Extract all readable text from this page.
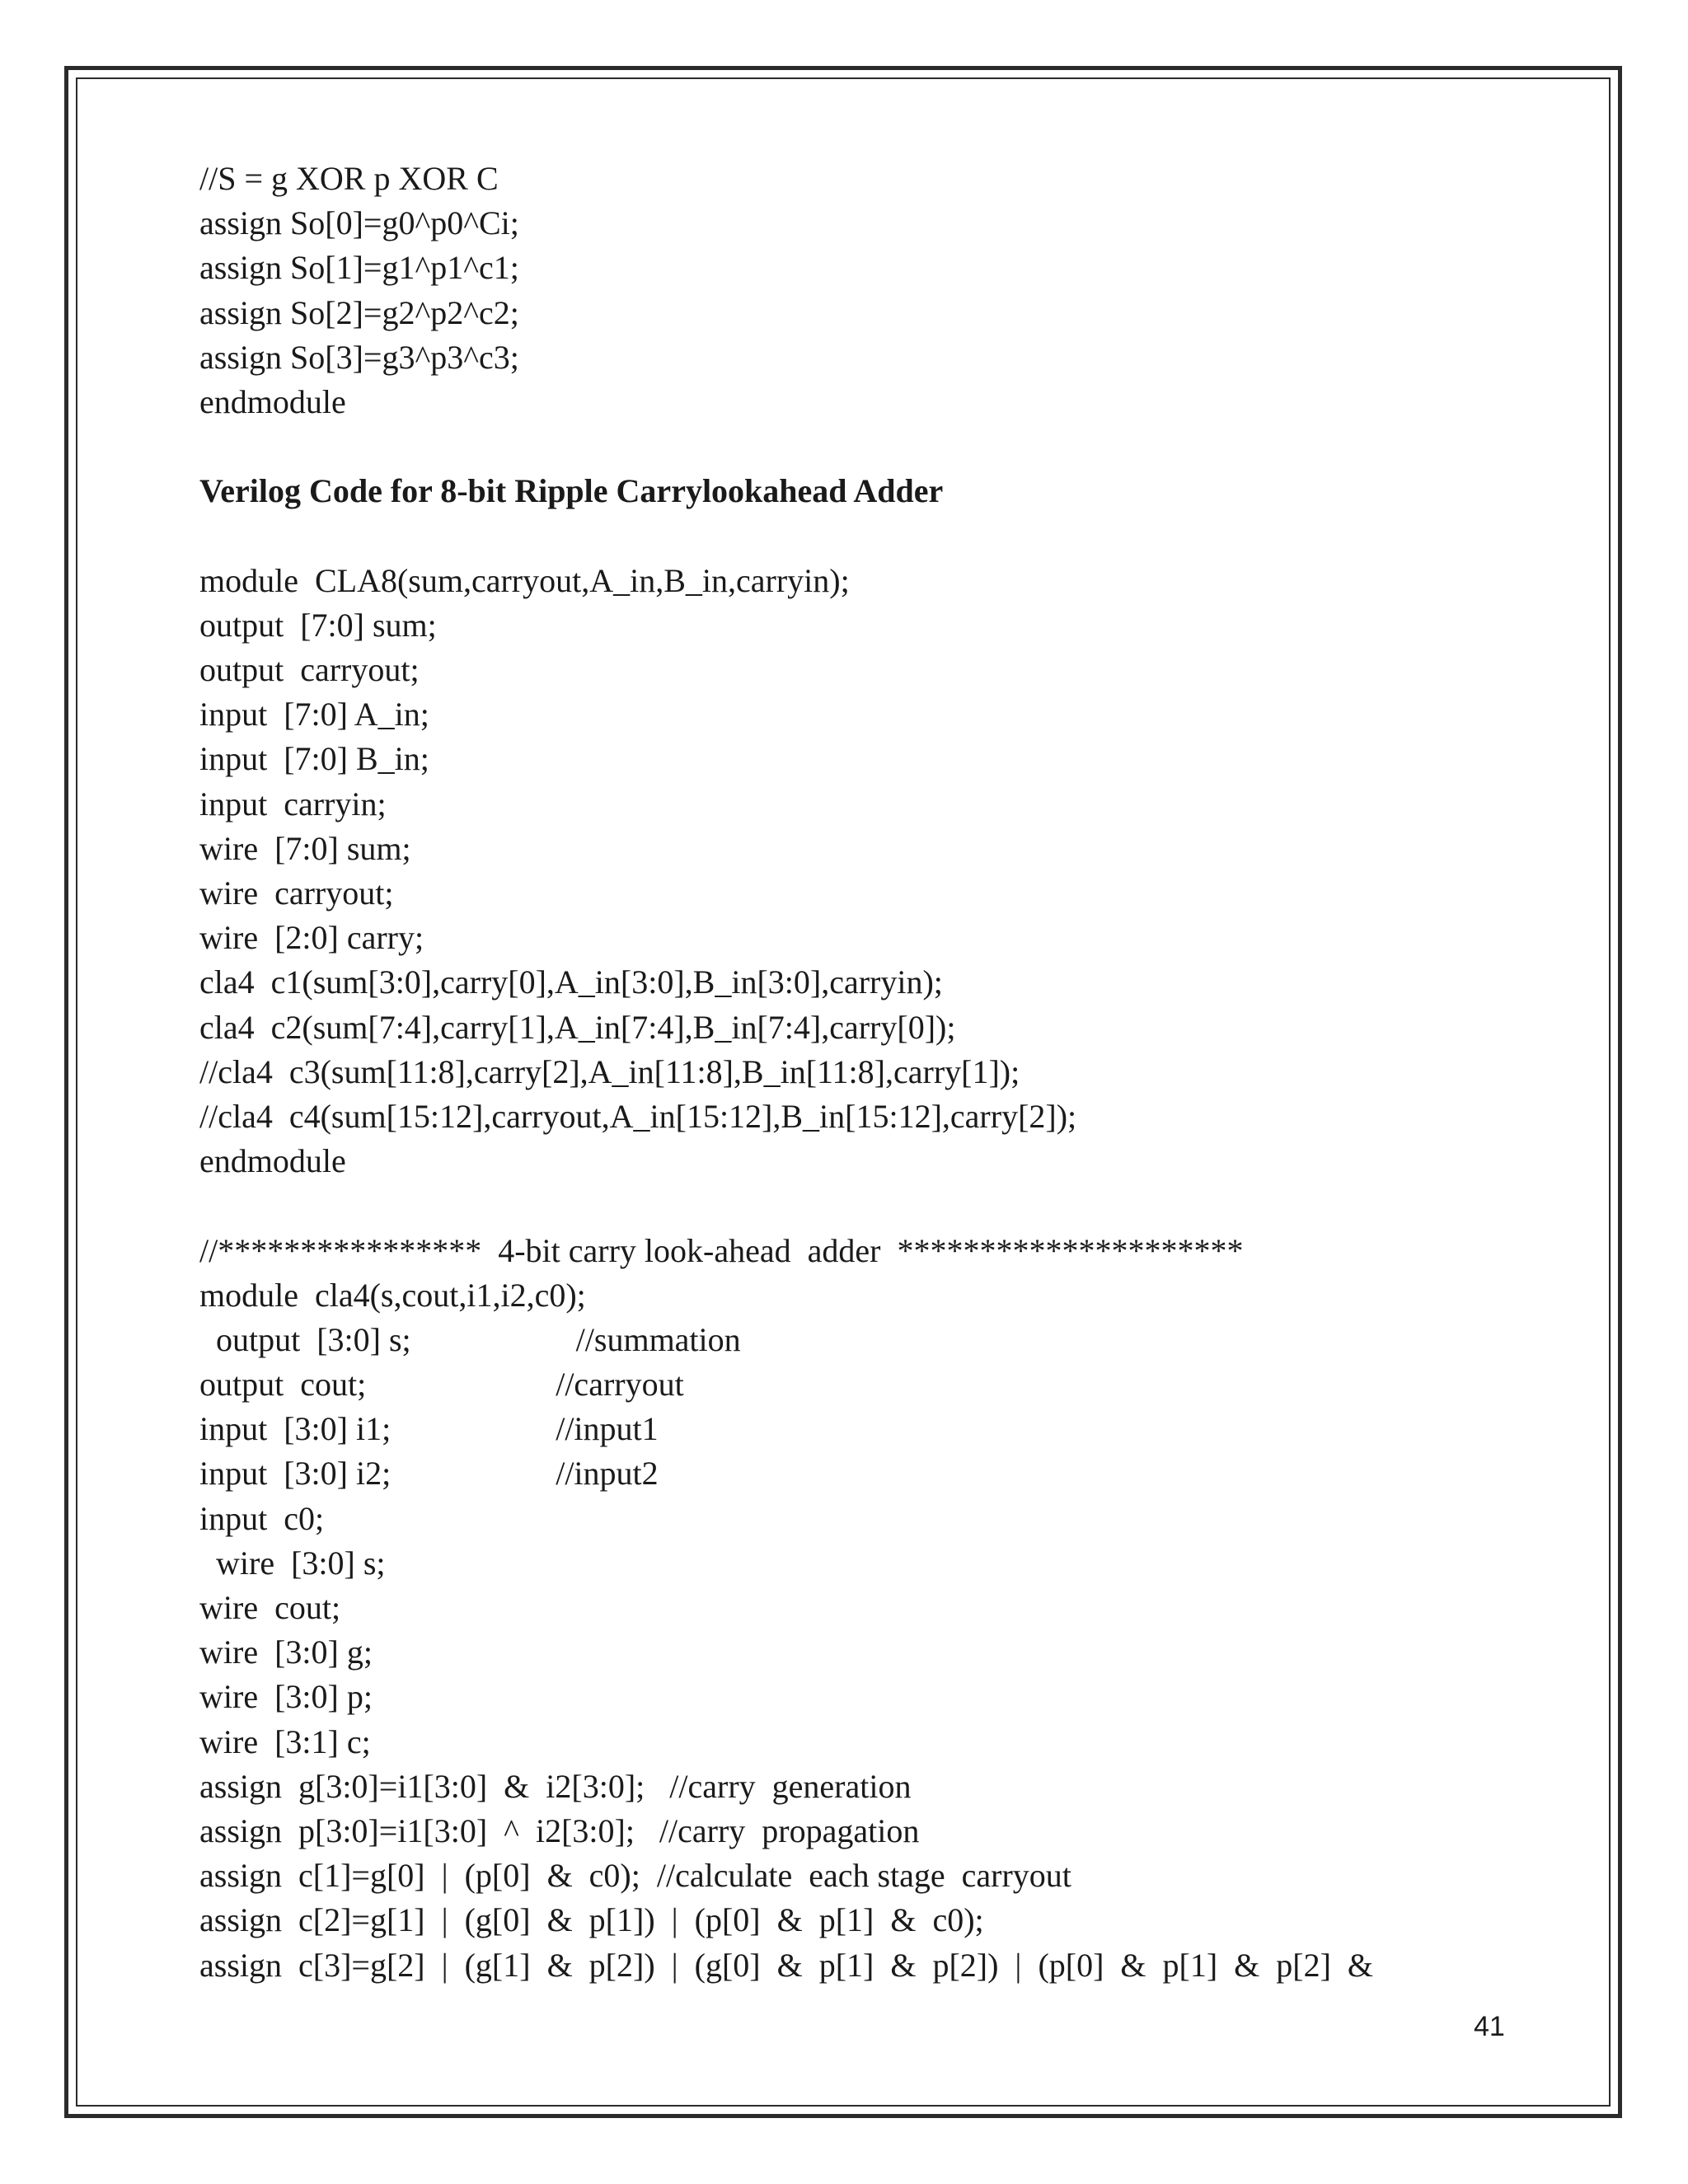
//S = g XOR p XOR C
assign So[0]=g0^p0^Ci;
assign So[1]=g1^p1^c1;
assign So[2]=g2^p2^c2;
assign So[3]=g3^p3^c3;
endmodule
Verilog Code for 8-bit Ripple Carrylookahead Adder
module  CLA8(sum,carryout,A_in,B_in,carryin);
output  [7:0] sum;
output  carryout;
input  [7:0] A_in;
input  [7:0] B_in;
input  carryin;
wire  [7:0] sum;
wire  carryout;
wire  [2:0] carry;
cla4  c1(sum[3:0],carry[0],A_in[3:0],B_in[3:0],carryin);
cla4  c2(sum[7:4],carry[1],A_in[7:4],B_in[7:4],carry[0]);
//cla4  c3(sum[11:8],carry[2],A_in[11:8],B_in[11:8],carry[1]);
//cla4  c4(sum[15:12],carryout,A_in[15:12],B_in[15:12],carry[2]);
endmodule
//****************  4-bit carry look-ahead  adder  *********************
module  cla4(s,cout,i1,i2,c0);
output  [3:0] s;                    //summation
output  cout;                       //carryout
input  [3:0] i1;                    //input1
input  [3:0] i2;                    //input2
input  c0;
wire  [3:0] s;
wire  cout;
wire  [3:0] g;
wire  [3:0] p;
wire  [3:1] c;
assign  g[3:0]=i1[3:0]  &  i2[3:0];   //carry  generation
assign  p[3:0]=i1[3:0]  ^  i2[3:0];   //carry  propagation
assign  c[1]=g[0]  |  (p[0]  &  c0);  //calculate  each stage  carryout
assign  c[2]=g[1]  |  (g[0]  &  p[1])  |  (p[0]  &  p[1]  &  c0);
assign  c[3]=g[2]  |  (g[1]  &  p[2])  |  (g[0]  &  p[1]  &  p[2])  |  (p[0]  &  p[1]  &  p[2]  &
41
